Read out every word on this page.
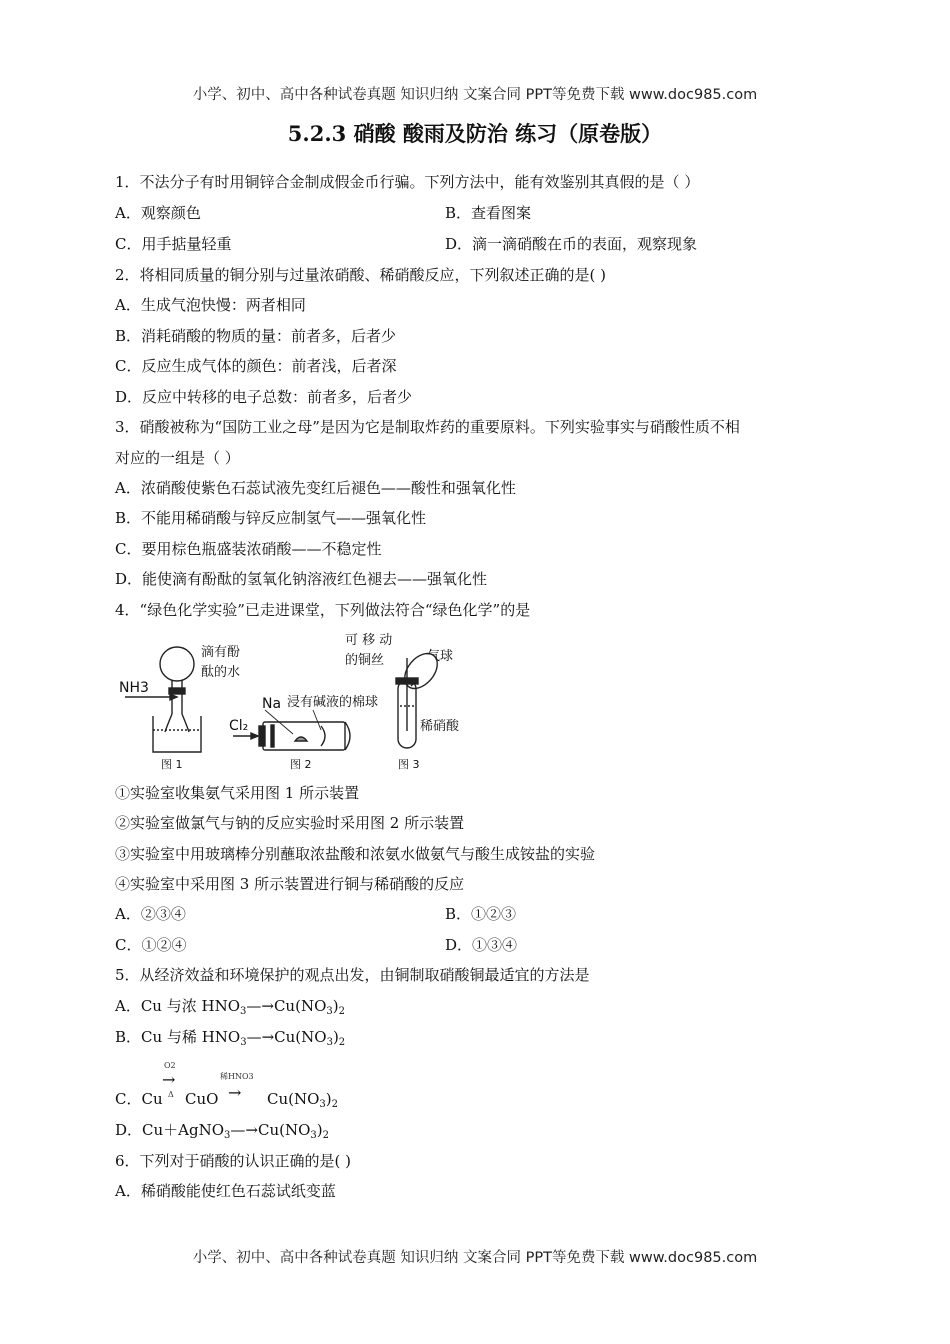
小学、初中、高中各种试卷真题 知识归纳 文案合同 PPT等免费下载 www.doc985.com
5.2.3 硝酸 酸雨及防治 练习（原卷版）
1．不法分子有时用铜锌合金制成假金币行骗。下列方法中，能有效鉴别其真假的是（ ）
A．观察颜色	B．查看图案
C．用手掂量轻重	D．滴一滴硝酸在币的表面，观察现象
2．将相同质量的铜分别与过量浓硝酸、稀硝酸反应，下列叙述正确的是( )
A．生成气泡快慢：两者相同
B．消耗硝酸的物质的量：前者多，后者少
C．反应生成气体的颜色：前者浅，后者深
D．反应中转移的电子总数：前者多，后者少
3．硝酸被称为“国防工业之母”是因为它是制取炸药的重要原料。下列实验事实与硝酸性质不相
对应的一组是（ ）
A．浓硝酸使紫色石蕊试液先变红后褪色——酸性和强氧化性
B．不能用稀硝酸与锌反应制氢气——强氧化性
C．要用棕色瓶盛装浓硝酸——不稳定性
D．能使滴有酚酞的氢氧化钠溶液红色褪去——强氧化性
4．“绿色化学实验”已走进课堂，下列做法符合“绿色化学”的是
NH3
滴有酚
酞的水
图 1
Na 浸有碱液的棉球
Cl₂
图 2
可 移 动
的铜丝	气球
稀硝酸
图 3
①实验室收集氨气采用图 1 所示装置
②实验室做氯气与钠的反应实验时采用图 2 所示装置
③实验室中用玻璃棒分别蘸取浓盐酸和浓氨水做氨气与酸生成铵盐的实验
④实验室中采用图 3 所示装置进行铜与稀硝酸的反应
A．②③④	B．①②③
C．①②④	D．①③④
5．从经济效益和环境保护的观点出发，由铜制取硝酸铜最适宜的方法是
A．Cu 与浓 $HNO_3—\to Cu(NO_3)_2$
B．Cu 与稀 $HNO_3—\to Cu(NO_3)_2$
O2
→
Δ
稀HNO3
→
C．Cu CuO	$Cu(NO_3)_2$
D．$Cu+AgNO_3—\to Cu(NO_3)_2$
6．下列对于硝酸的认识正确的是( )
A．稀硝酸能使红色石蕊试纸变蓝
小学、初中、高中各种试卷真题 知识归纳 文案合同 PPT等免费下载 www.doc985.com
